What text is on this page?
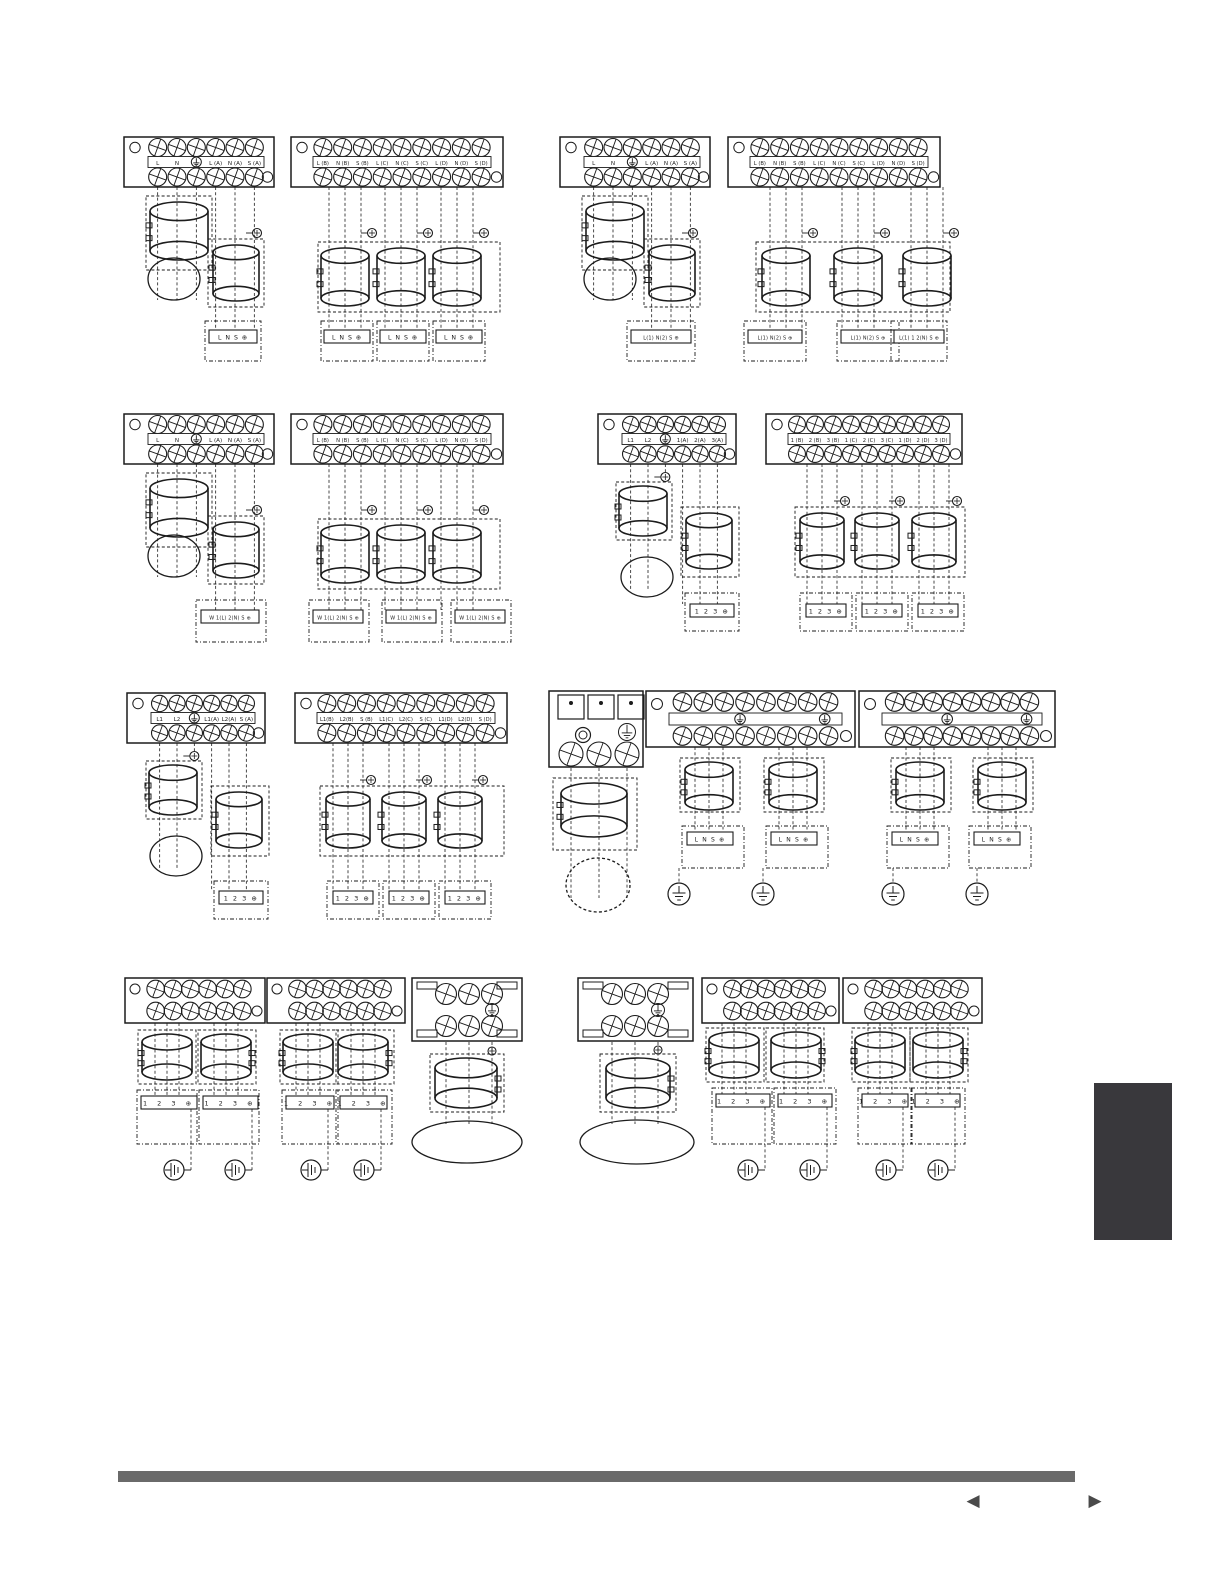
L	N	L (A) N (A) S (A)	L (B) N (B) S (B) L (C) N (C) S (C) L (D) N (D) S (D)
L N S ⊕	L N S ⊕	L N S ⊕	L N S ⊕
L	N	L (A) N (A) S (A)	L (B) N (B) S (B) L (C) N (C) S (C) L (D) N (D) S (D)
L(1) N(2) S ⊕	L(1) N(2) S ⊕	L(1) N(2) S ⊕	L(1) 1 2(N) S ⊕
L	N	L (A) N (A) S (A)	L (B) N (B) S (B) L (C) N (C) S (C) L (D) N (D) S (D)
W 1(L) 2(N) S ⊕	W 1(L) 2(N) S ⊕	W 1(L) 2(N) S ⊕	W 1(L) 2(N) S ⊕
L1 L2	1(A) 2(A) 3(A)	1 (B) 2 (B) 3 (B) 1 (C) 2 (C) 3 (C) 1 (D) 2 (D) 3 (D)
1 2 3 ⊕	1 2 3 ⊕	1 2 3 ⊕	1 2 3 ⊕
L1 L2	L1(A) L2(A) S (A)	L1(B) L2(B) S (B) L1(C) L2(C) S (C) L1(D) L2(D) S (D)
1 2 3 ⊕	1 2 3 ⊕	1 2 3 ⊕	1 2 3 ⊕
L N S ⊕	L N S ⊕	L N S ⊕	L N S ⊕
1 2 3 ⊕ 1 2 3 ⊕	1 2 3 ⊕ 1 2 3 ⊕	1 2 3 ⊕ 1 2 3 ⊕	1 2 3 ⊕ 1 2 3 ⊕
◀	▶
